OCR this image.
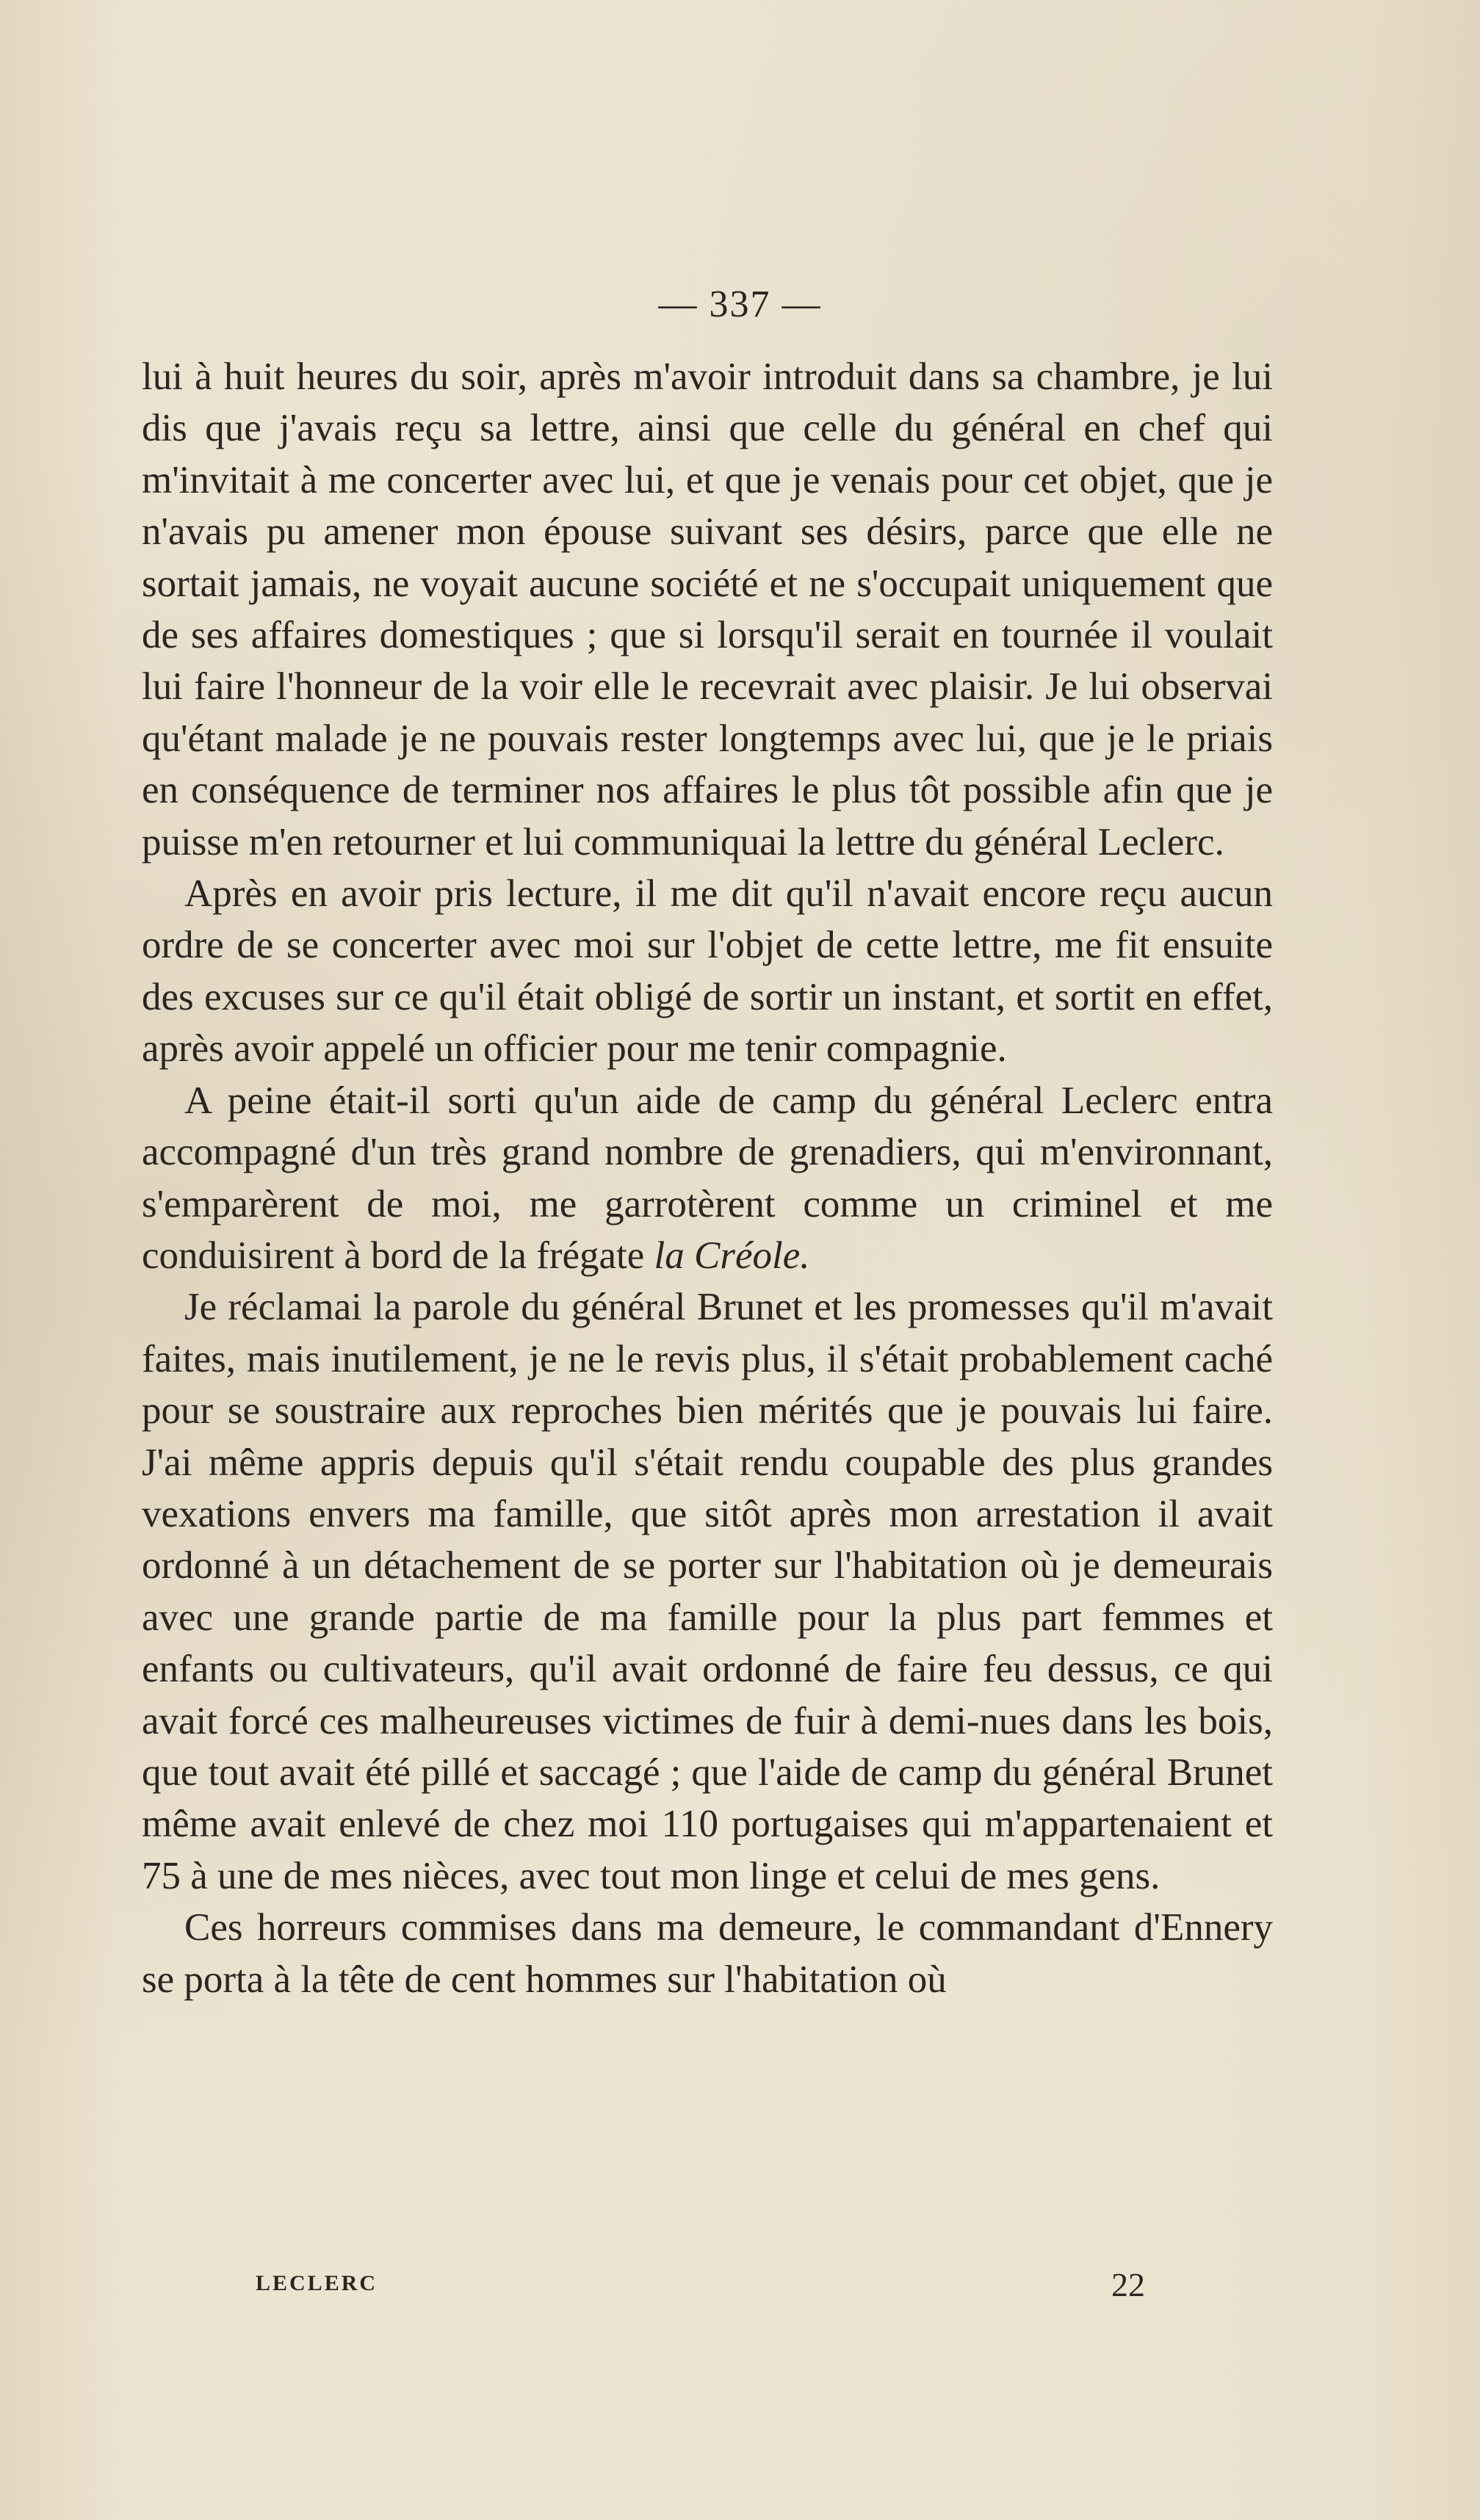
— 337 —

lui à huit heures du soir, après m'avoir introduit dans sa chambre, je lui dis que j'avais reçu sa lettre, ainsi que celle du général en chef qui m'invitait à me concerter avec lui, et que je venais pour cet objet, que je n'avais pu amener mon épouse suivant ses désirs, parce que elle ne sortait jamais, ne voyait aucune société et ne s'occupait uniquement que de ses affaires domestiques ; que si lorsqu'il serait en tournée il voulait lui faire l'honneur de la voir elle le recevrait avec plaisir. Je lui observai qu'étant malade je ne pouvais rester longtemps avec lui, que je le priais en conséquence de terminer nos affaires le plus tôt possible afin que je puisse m'en retourner et lui communiquai la lettre du général Leclerc.

Après en avoir pris lecture, il me dit qu'il n'avait encore reçu aucun ordre de se concerter avec moi sur l'objet de cette lettre, me fit ensuite des excuses sur ce qu'il était obligé de sortir un instant, et sortit en effet, après avoir appelé un officier pour me tenir compagnie.

A peine était-il sorti qu'un aide de camp du général Leclerc entra accompagné d'un très grand nombre de grenadiers, qui m'environnant, s'emparèrent de moi, me garrotèrent comme un criminel et me conduisirent à bord de la frégate la Créole.

Je réclamai la parole du général Brunet et les promesses qu'il m'avait faites, mais inutilement, je ne le revis plus, il s'était probablement caché pour se soustraire aux reproches bien mérités que je pouvais lui faire. J'ai même appris depuis qu'il s'était rendu coupable des plus grandes vexations envers ma famille, que sitôt après mon arrestation il avait ordonné à un détachement de se porter sur l'habitation où je demeurais avec une grande partie de ma famille pour la plus part femmes et enfants ou cultivateurs, qu'il avait ordonné de faire feu dessus, ce qui avait forcé ces malheureuses victimes de fuir à demi-nues dans les bois, que tout avait été pillé et saccagé ; que l'aide de camp du général Brunet même avait enlevé de chez moi 110 portugaises qui m'appartenaient et 75 à une de mes nièces, avec tout mon linge et celui de mes gens.

Ces horreurs commises dans ma demeure, le commandant d'Ennery se porta à la tête de cent hommes sur l'habitation où

LECLERC	22
